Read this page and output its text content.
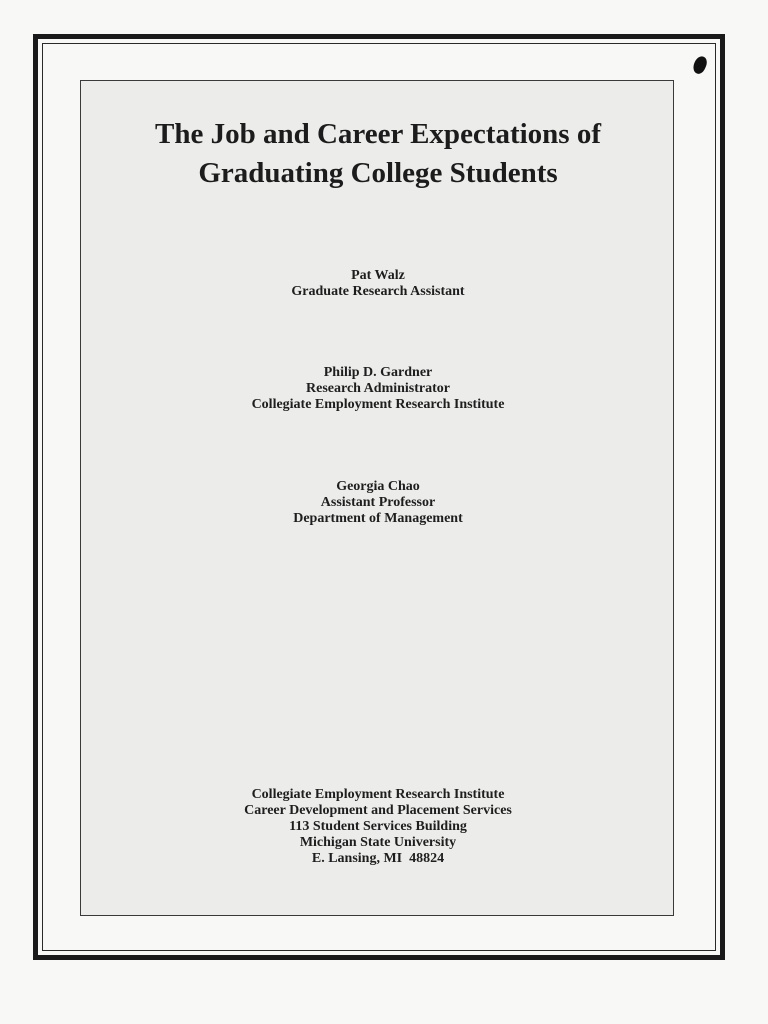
The Job and Career Expectations of
Graduating College Students
Pat Walz
Graduate Research Assistant
Philip D. Gardner
Research Administrator
Collegiate Employment Research Institute
Georgia Chao
Assistant Professor
Department of Management
Collegiate Employment Research Institute
Career Development and Placement Services
113 Student Services Building
Michigan State University
E. Lansing, MI  48824
